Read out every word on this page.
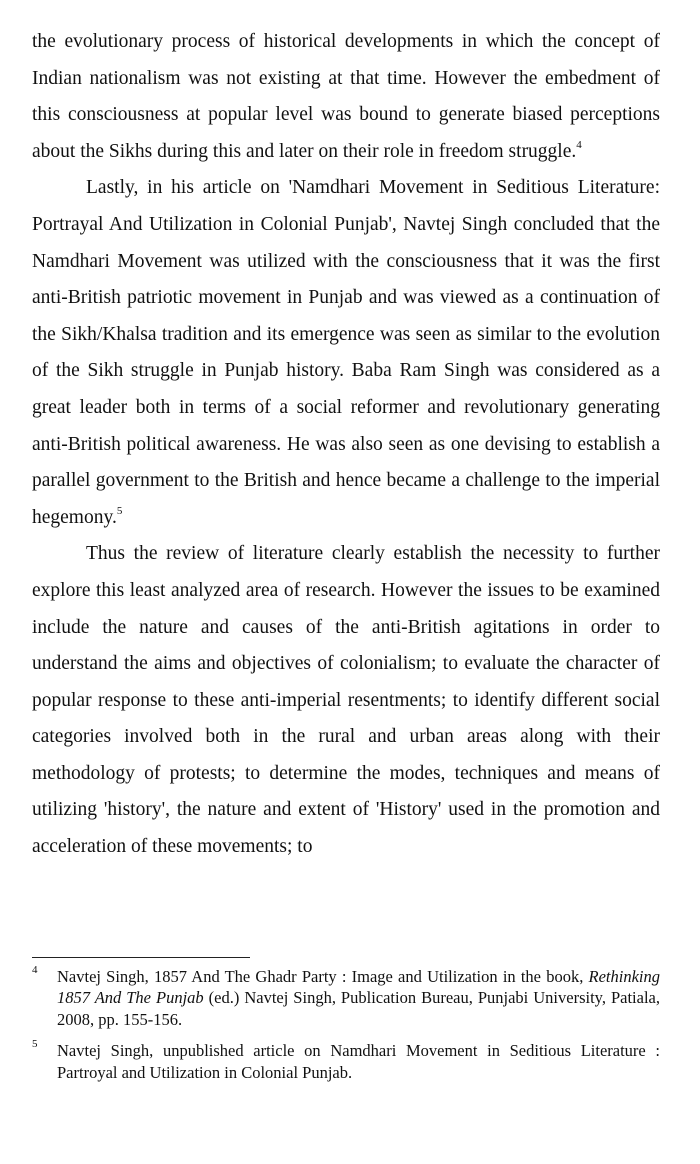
the evolutionary process of historical developments in which the concept of Indian nationalism was not existing at that time. However the embedment of this consciousness at popular level was bound to generate biased perceptions about the Sikhs during this and later on their role in freedom struggle.$^4$

Lastly, in his article on 'Namdhari Movement in Seditious Literature: Portrayal And Utilization in Colonial Punjab', Navtej Singh concluded that the Namdhari Movement was utilized with the consciousness that it was the first anti-British patriotic movement in Punjab and was viewed as a continuation of the Sikh/Khalsa tradition and its emergence was seen as similar to the evolution of the Sikh struggle in Punjab history. Baba Ram Singh was considered as a great leader both in terms of a social reformer and revolutionary generating anti-British political awareness. He was also seen as one devising to establish a parallel government to the British and hence became a challenge to the imperial hegemony.$^5$

Thus the review of literature clearly establish the necessity to further explore this least analyzed area of research. However the issues to be examined include the nature and causes of the anti-British agitations in order to understand the aims and objectives of colonialism; to evaluate the character of popular response to these anti-imperial resentments; to identify different social categories involved both in the rural and urban areas along with their methodology of protests; to determine the modes, techniques and means of utilizing 'history', the nature and extent of 'History' used in the promotion and acceleration of these movements; to

4 Navtej Singh, 1857 And The Ghadr Party : Image and Utilization in the book, Rethinking 1857 And The Punjab (ed.) Navtej Singh, Publication Bureau, Punjabi University, Patiala, 2008, pp. 155-156.
5 Navtej Singh, unpublished article on Namdhari Movement in Seditious Literature : Partroyal and Utilization in Colonial Punjab.
